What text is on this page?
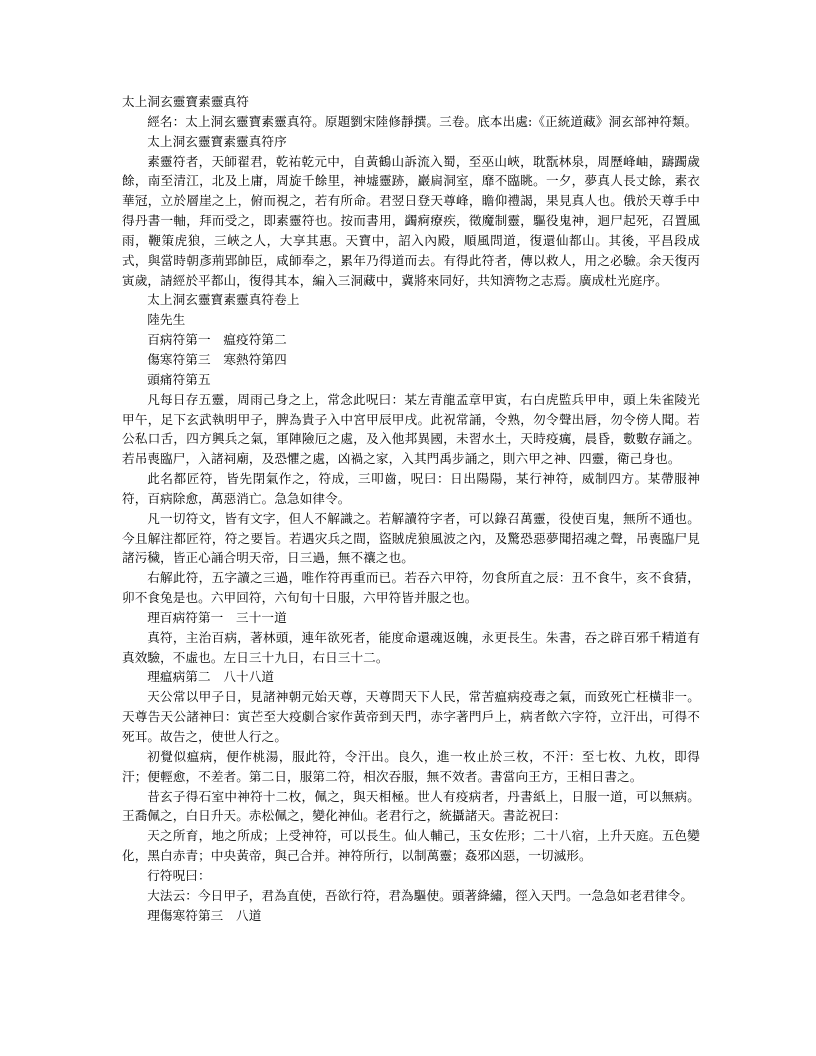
太上洞玄靈寶素靈真符

經名：太上洞玄靈寶素靈真符。原題劉宋陸修靜撰。三卷。底本出處:《正統道藏》洞玄部神符類。

太上洞玄靈寶素靈真符序

素靈符者，天師翟君，乾祐乾元中，自黃鶴山訴流入蜀，至巫山峽，耽翫林泉，周歷峰岫，躊躅歲餘，南至清江，北及上庸，周旋千餘里，神墟靈跡，巖扄洞室，靡不臨眺。一夕，夢真人長丈餘，素衣華冠，立於層崖之上，俯而視之，若有所命。君翌日登天尊峰，瞻仰禮謁，果見真人也。俄於天尊手中得丹書一軸，拜而受之，即素靈符也。按而書用，蠲痾療疾，徵魔制靈，驅役鬼神，迴尸起死，召置風雨，鞭策虎狼，三峽之人，大享其惠。天寶中，詔入內殿，順風問道，復還仙都山。其後，平昌段成式，與當時朝彥荊郢帥臣，咸師奉之，累年乃得道而去。有得此符者，傳以救人，用之必驗。余天復丙寅歲，請經於平都山，復得其本，編入三洞藏中，冀將來同好，共知濟物之志焉。廣成杜光庭序。

太上洞玄靈寶素靈真符卷上

陸先生

百病符第一　瘟疫符第二

傷寒符第三　寒熱符第四

頭痛符第五

凡每日存五靈，周雨己身之上，常念此呪曰：某左青龍孟章甲寅，右白虎監兵甲申，頭上朱雀陵光甲午，足下玄武執明甲子，脾為貴子入中宮甲辰甲戌。此祝常誦，令熟，勿令聲出唇，勿令傍人聞。若公私口舌，四方興兵之氣，軍陣險厄之處，及入他邦異國，未習水土，天時疫癘，晨昏，數數存誦之。若吊喪臨尸，入諸祠廟，及恐懼之處，凶禍之家，入其門禹步誦之，則六甲之神、四靈，衛己身也。

此名都匠符，皆先閉氣作之，符成，三叩齒，呪曰：日出陽陽，某行神符，威制四方。某帶服神符，百病除愈，萬惡消亡。急急如律令。

凡一切符文，皆有文字，但人不解識之。若解讀符字者，可以錄召萬靈，役使百鬼，無所不通也。今且解注都匠符，符之要旨。若遇灾兵之間，盜賊虎狼風波之內，及驚恐惡夢聞招魂之聲，吊喪臨尸見諸污穢，皆正心誦合明天帝，日三過，無不禳之也。

右解此符，五字讀之三過，唯作符再重而已。若吞六甲符，勿食所直之辰：丑不食牛，亥不食猜，卯不食兔是也。六甲回符，六旬旬十日服，六甲符皆并服之也。

理百病符第一　三十一道

真符，主治百病，著林頭，連年欲死者，能度命還魂返魄，永更長生。朱書，吞之辟百邪千精道有真效驗，不虛也。左日三十九日，右日三十二。

理瘟病第二　八十八道

天公常以甲子日，見諸神朝元始天尊，天尊問天下人民，常苦瘟病疫毒之氣，而致死亡枉橫非一。天尊告天公諸神曰：寅芒至大疫劇合家作黃帝到天門，赤字著門戶上，病者飲六字符，立汗出，可得不死耳。故告之，使世人行之。

初覺似瘟病，便作桃湯，服此符，令汗出。良久，進一枚止於三枚，不汗：至七枚、九枚，即得汗；便輕愈，不差者。第二日，服第二符，相次吞服，無不效者。書當向王方，王相日書之。

昔玄子得石室中神符十二枚，佩之，與天相極。世人有疫病者，丹書紙上，日服一道，可以無病。王喬佩之，白日升天。赤松佩之，變化神仙。老君行之，統攝諸天。書訖祝曰：

天之所育，地之所成；上受神符，可以長生。仙人輔己，玉女佐形；二十八宿，上升天庭。五色變化，黑白赤青；中央黃帝，與己合并。神符所行，以制萬靈；姦邪凶惡，一切滅形。

行符呪曰：

大法云：今日甲子，君為直使，吾欲行符，君為驅使。頭著絳繡，徑入天門。一急急如老君律令。

理傷寒符第三　八道
